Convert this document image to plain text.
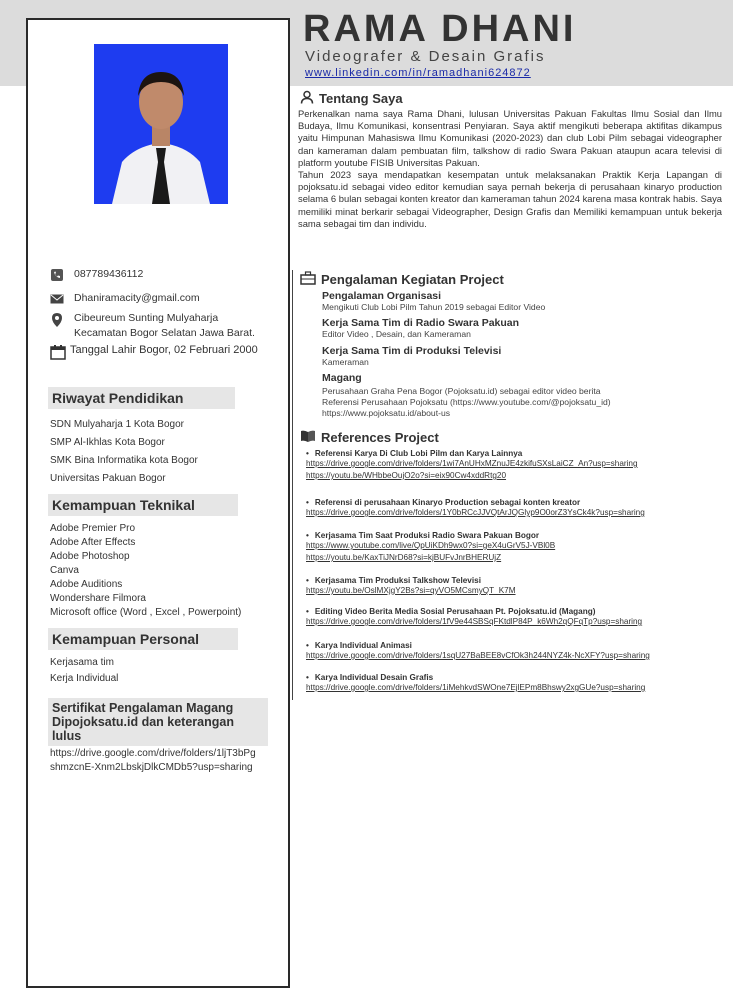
RAMA DHANI
Videografer & Desain Grafis
www.linkedin.com/in/ramadhani624872
087789436112
Dhaniramacity@gmail.com
Cibeureum Sunting Mulyaharja
Kecamatan Bogor Selatan Jawa Barat.
Tanggal Lahir Bogor, 02 Februari 2000
Riwayat Pendidikan
SDN Mulyaharja 1 Kota Bogor
SMP Al-Ikhlas Kota Bogor
SMK Bina Informatika kota Bogor
Universitas Pakuan Bogor
Kemampuan Teknikal
Adobe Premier Pro
Adobe After Effects
Adobe Photoshop
Canva
Adobe Auditions
Wondershare Filmora
Microsoft office (Word , Excel , Powerpoint)
Kemampuan Personal
Kerjasama tim
Kerja Individual
Sertifikat Pengalaman Magang Dipojoksatu.id dan keterangan lulus
https://drive.google.com/drive/folders/1ljT3bPg
shmzcnE-Xnm2LbskjDlkCMDb5?usp=sharing
Tentang Saya

Perkenalkan nama saya Rama Dhani, lulusan Universitas Pakuan Fakultas Ilmu Sosial dan Ilmu Budaya, Ilmu Komunikasi, konsentrasi Penyiaran. Saya aktif mengikuti beberapa aktifitas dikampus yaitu Himpunan Mahasiswa Ilmu Komunikasi (2020-2023) dan club Lobi Pilm sebagai videographer dan kameraman dalam pembuatan film, talkshow di radio Swara Pakuan ataupun acara televisi di platform youtube FISIB Universitas Pakuan.

Tahun 2023 saya mendapatkan kesempatan untuk melaksanakan Praktik Kerja Lapangan di pojoksatu.id sebagai video editor kemudian saya pernah bekerja di perusahaan kinaryo production selama 6 bulan sebagai konten kreator dan kameraman tahun 2024 karena masa kontrak habis. Saya memiliki minat berkarir sebagai Videographer, Design Grafis dan Memiliki kemampuan untuk bekerja sama sebagai tim dan individu.

Pengalaman Kegiatan Project
Pengalaman Organisasi
Mengikuti Club Lobi Pilm Tahun 2019 sebagai Editor Video
Kerja Sama Tim di Radio Swara Pakuan
Editor Video , Desain, dan Kameraman
Kerja Sama Tim di Produksi Televisi
Kameraman
Magang
Perusahaan Graha Pena Bogor (Pojoksatu.id) sebagai editor video berita
Referensi Perusahaan Pojoksatu (https://www.youtube.com/@pojoksatu_id)
https://www.pojoksatu.id/about-us
References Project
• Referensi Karya Di Club Lobi Pilm dan Karya Lainnya
https://drive.google.com/drive/folders/1wi7AnUHxMZnuJE4zkifuSXsLaiCZ_An?usp=sharing
https://youtu.be/WHbbeOujO2o?si=eix90Cw4xddRtg20
• Referensi di perusahaan Kinaryo Production sebagai konten kreator
https://drive.google.com/drive/folders/1Y0bRCcJJVQtArJQGlyp9O0orZ3YsCk4k?usp=sharing
• Kerjasama Tim Saat Produksi Radio Swara Pakuan Bogor
https://www.youtube.com/live/QpUiKDh9wx0?si=geX4uGrV5J-VBl0B
https://youtu.be/KaxTiJNrD68?si=kjBUFvJnrBHERUjZ
• Kerjasama Tim Produksi Talkshow Televisi
https://youtu.be/OslMXjgY2Bs?si=qyVO5MCsmyQT_K7M
• Editing Video Berita Media Sosial Perusahaan Pt. Pojoksatu.id (Magang)
https://drive.google.com/drive/folders/1fV9e44SBSqFKtdlP84P_k6Wh2qQFqTp?usp=sharing
• Karya Individual Animasi
https://drive.google.com/drive/folders/1sqU27BaBEE8vCfOk3h244NYZ4k-NcXFY?usp=sharing
• Karya Individual Desain Grafis
https://drive.google.com/drive/folders/1iMehkvdSWOne7EjlEPm8Bhswy2xgGUe?usp=sharing
